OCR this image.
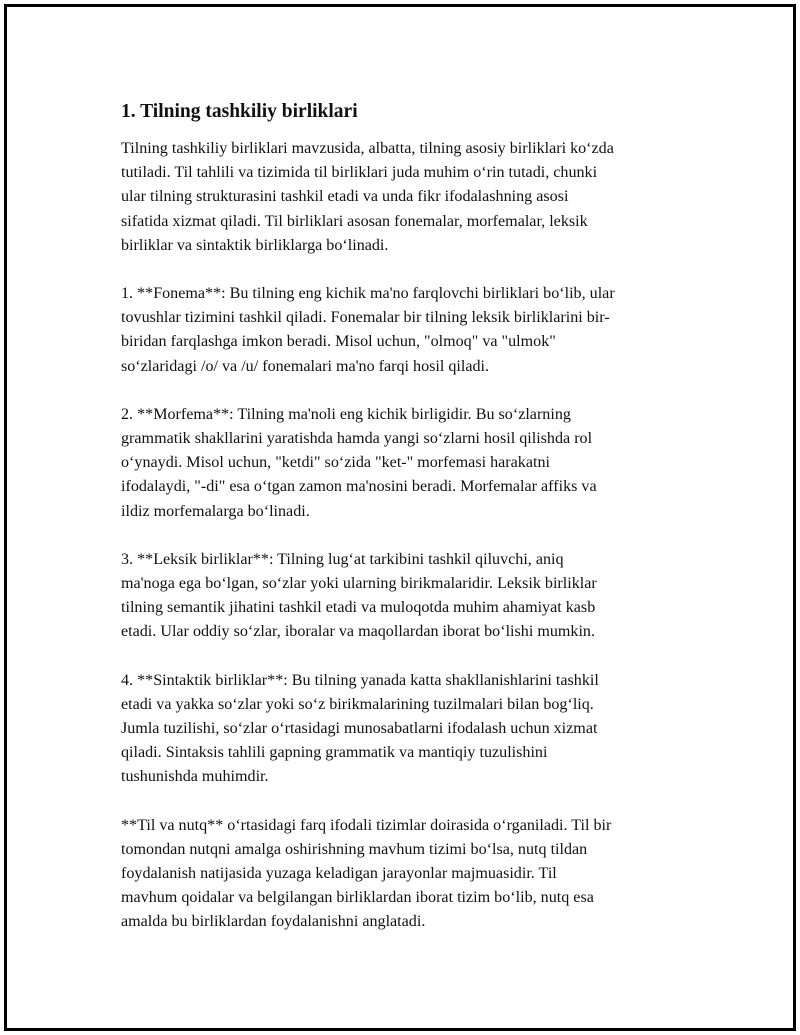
1. Tilning tashkiliy birliklari

Tilning tashkiliy birliklari mavzusida, albatta, tilning asosiy birliklari ko‘zda
tutiladi. Til tahlili va tizimida til birliklari juda muhim o‘rin tutadi, chunki
ular tilning strukturasini tashkil etadi va unda fikr ifodalashning asosi
sifatida xizmat qiladi. Til birliklari asosan fonemalar, morfemalar, leksik
birliklar va sintaktik birliklarga bo‘linadi.

1. **Fonema**: Bu tilning eng kichik ma'no farqlovchi birliklari bo‘lib, ular
tovushlar tizimini tashkil qiladi. Fonemalar bir tilning leksik birliklarini bir-
biridan farqlashga imkon beradi. Misol uchun, "olmoq" va "ulmok"
so‘zlaridagi /o/ va /u/ fonemalari ma'no farqi hosil qiladi.

2. **Morfema**: Tilning ma'noli eng kichik birligidir. Bu so‘zlarning
grammatik shakllarini yaratishda hamda yangi so‘zlarni hosil qilishda rol
o‘ynaydi. Misol uchun, "ketdi" so‘zida "ket-" morfemasi harakatni
ifodalaydi, "-di" esa o‘tgan zamon ma'nosini beradi. Morfemalar affiks va
ildiz morfemalarga bo‘linadi.

3. **Leksik birliklar**: Tilning lug‘at tarkibini tashkil qiluvchi, aniq
ma'noga ega bo‘lgan, so‘zlar yoki ularning birikmalaridir. Leksik birliklar
tilning semantik jihatini tashkil etadi va muloqotda muhim ahamiyat kasb
etadi. Ular oddiy so‘zlar, iboralar va maqollardan iborat bo‘lishi mumkin.

4. **Sintaktik birliklar**: Bu tilning yanada katta shakllanishlarini tashkil
etadi va yakka so‘zlar yoki so‘z birikmalarining tuzilmalari bilan bog‘liq.
Jumla tuzilishi, so‘zlar o‘rtasidagi munosabatlarni ifodalash uchun xizmat
qiladi. Sintaksis tahlili gapning grammatik va mantiqiy tuzulishini
tushunishda muhimdir.

**Til va nutq** o‘rtasidagi farq ifodali tizimlar doirasida o‘rganiladi. Til bir
tomondan nutqni amalga oshirishning mavhum tizimi bo‘lsa, nutq tildan
foydalanish natijasida yuzaga keladigan jarayonlar majmuasidir. Til
mavhum qoidalar va belgilangan birliklardan iborat tizim bo‘lib, nutq esa
amalda bu birliklardan foydalanishni anglatadi.
